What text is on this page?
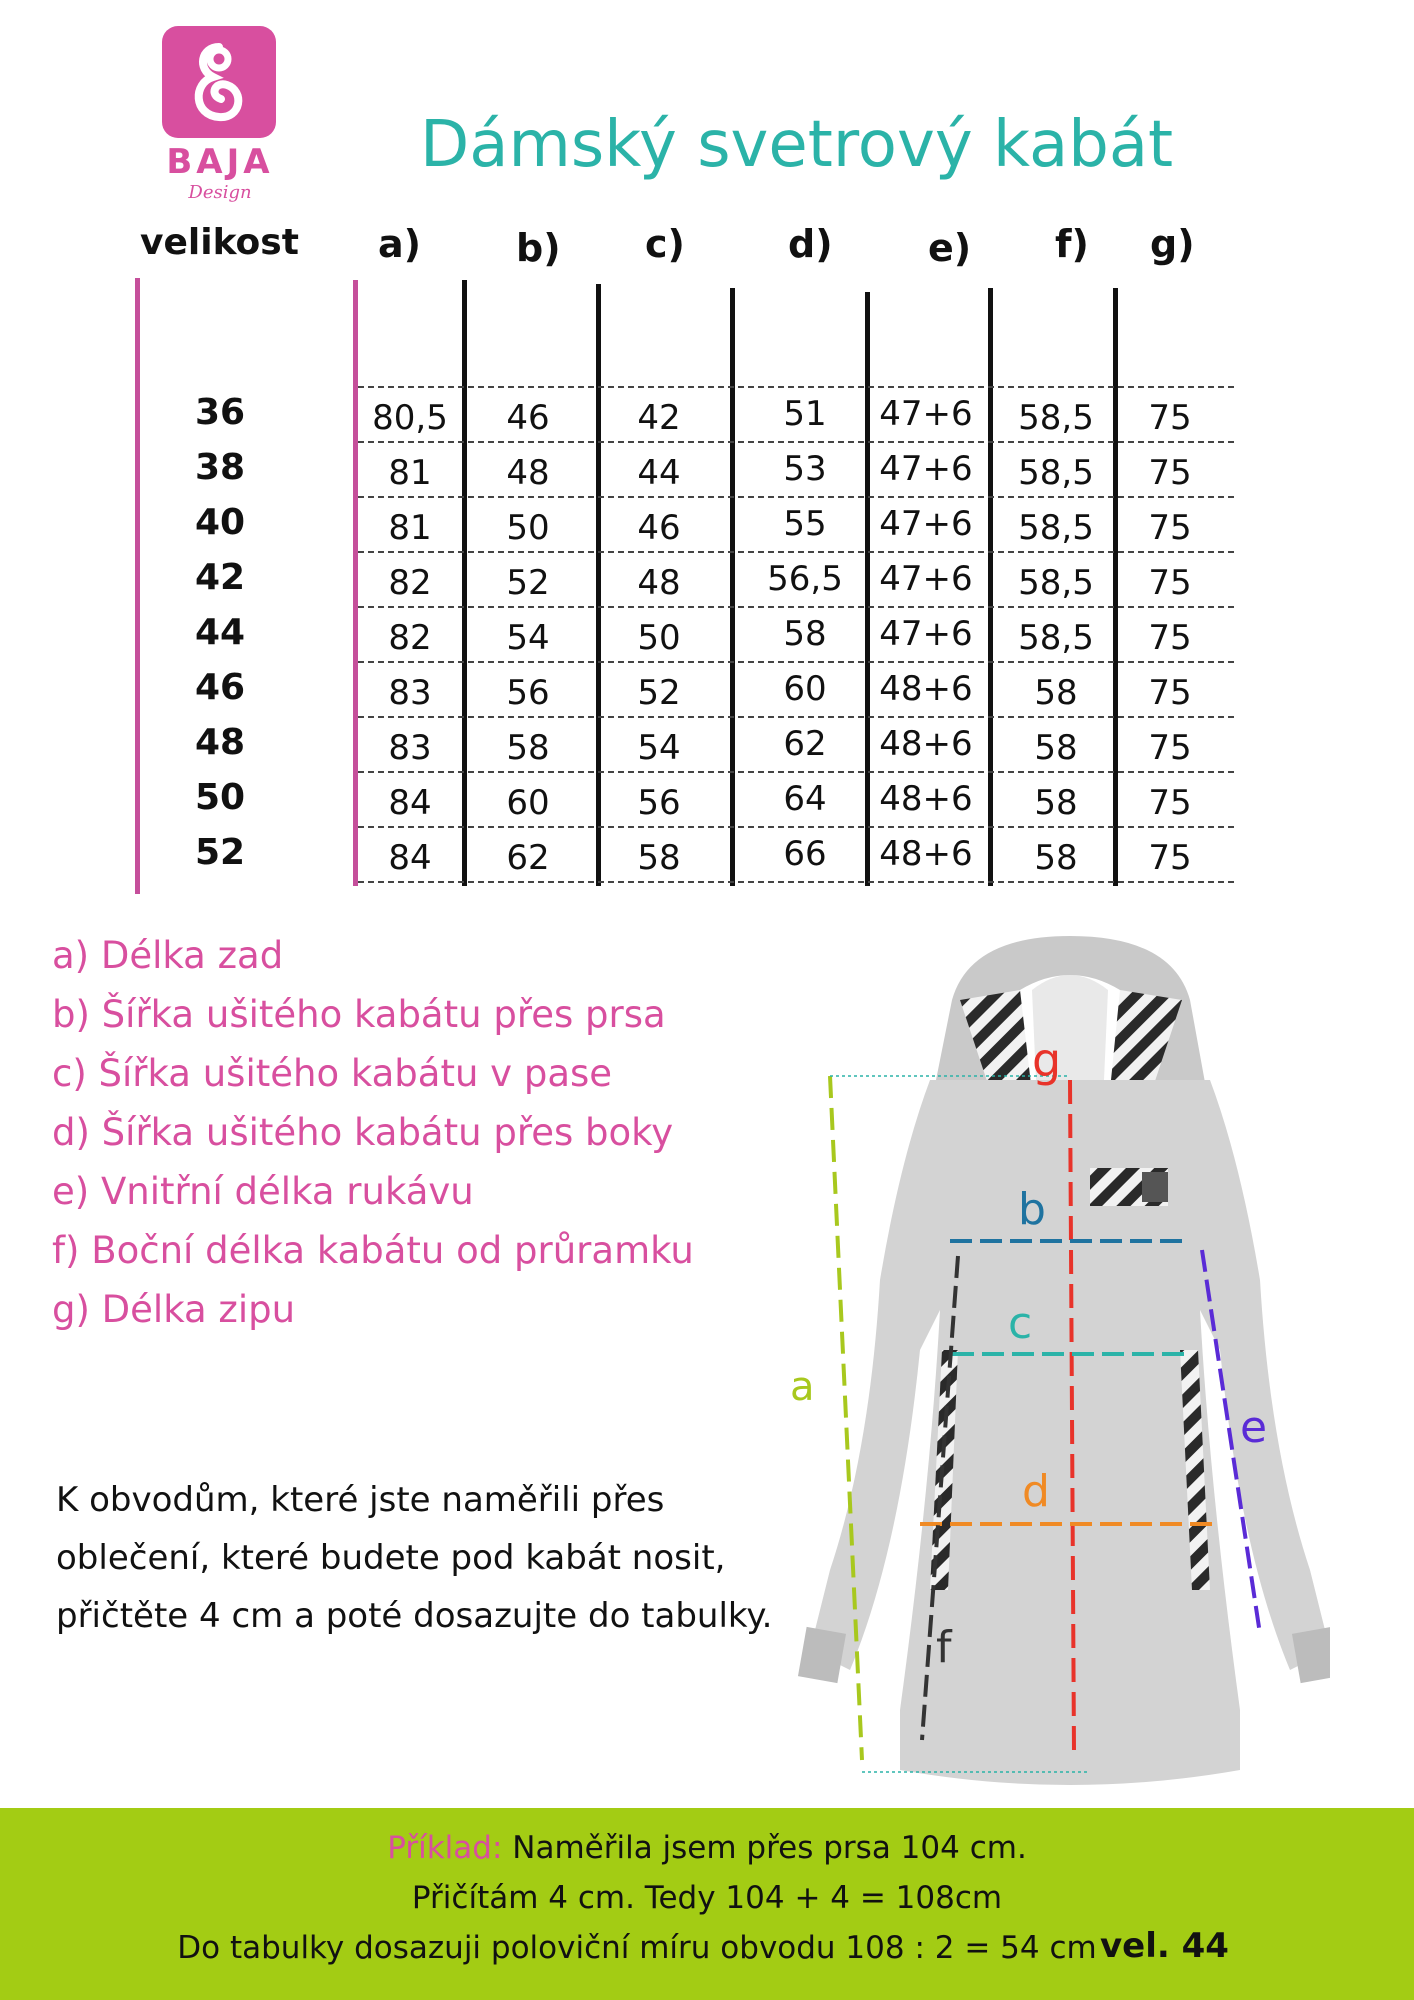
BAJA
Design
Dámský svetrový kabát
velikost a) b) c)	d)	e) f) g)
36	80,5	46	42	51	47+6	58,5	75
38	81	48	44	53	47+6	58,5	75
40	81	50	46	55	47+6	58,5	75
42	82	52	48	56,5	47+6	58,5	75
44	82	54	50	58	47+6	58,5	75
46	83	56	52	60	48+6	58	75
48	83	58	54	62	48+6	58	75
50	84	60	56	64	48+6	58	75
52	84	62	58	66	48+6	58	75
a) Délka zad
b) Šířka ušitého kabátu přes prsa
c) Šířka ušitého kabátu v pase
d) Šířka ušitého kabátu přes boky
e) Vnitřní délka rukávu
f) Boční délka kabátu od průramku
g) Délka zipu
K obvodům, které jste naměřili přes
oblečení, které budete pod kabát nosit,
přičtěte 4 cm a poté dosazujte do tabulky.
a
g
b
c
d
e
f
Příklad: Naměřila jsem přes prsa 104 cm.
Přičítám 4 cm. Tedy 104 + 4 = 108cm
Do tabulky dosazuji poloviční míru obvodu 108 : 2 = 54 cm vel. 44
